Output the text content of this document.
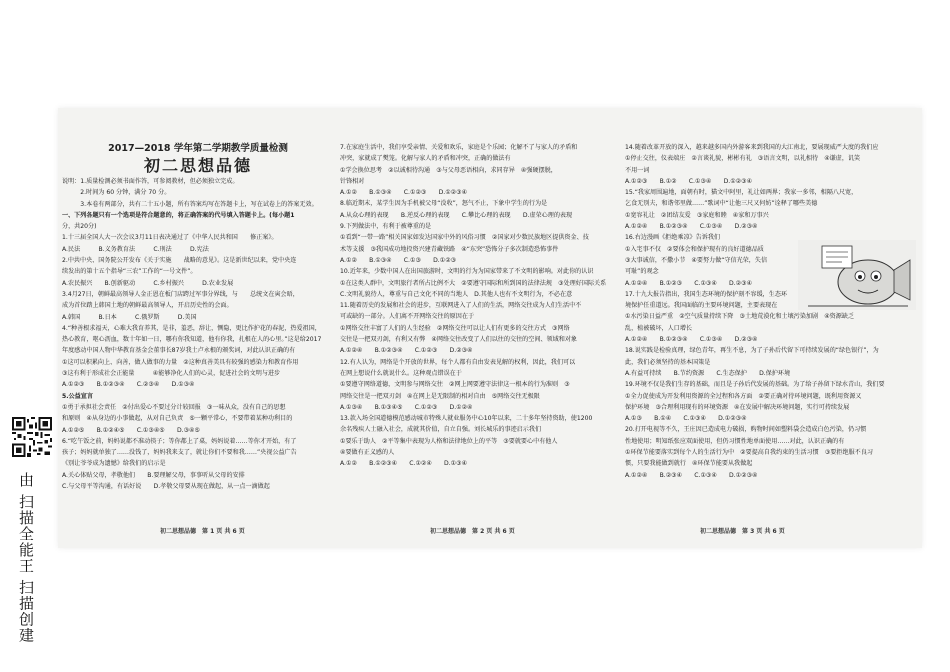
2017—2018 学年第二学期教学质量检测

初二思想品德

说明：1.质量检测必须书面作答，可参阅教材，但必须独立完成。

　　　2.时间为 60 分钟，满分 70 分。

　　　3.本卷有两部分，共有二十五小题，所有答案均写在答题卡上，写在试卷上的答案无效。

一、下列各题只有一个选项是符合题意的，将正确答案的代号填入答题卡上。(每小题1

分，共20分)

1.十三届全国人大一次会议3月11日表决通过了《中华人民共和国　　修正案》。

A.民法　　　B.义务教育法　　　C.刑法　　　D.宪法

2.中共中央、国务院公开发布《关于实施　　战略的意见》。这是新世纪以来，党中央连

续发出的第十五个指导“三农”工作的“一号文件”。

A.农民振兴　　B.创新驱动　　　C.乡村振兴　　　D.农业发展

3.4月27日，朝鲜最高领导人金正恩在板门店跨过军事分界线，与　　总统文在寅会晤，

成为首位踏上韩国土地的朝鲜最高领导人，开启历史性的会面。

A.韩国　　　B.日本　　　C.俄罗斯　　　D.美国

4.“种善根求福天，心难大我育养其，是非，羞恶，辞让，恻隐，更比作护花的春泥，热爱祖国，

热心教育，呕心沥血，数十年如一日，哪有你我知道，他有你我，扎根在人的心里。”这是给2017

年度感动中国人物中华教育基金会董事长87岁我土卢永根的颁奖词，对此认识正确的有

①这可以积累向上、向善，做人做事的力量　②这种真善美具有较强的感染力和教育作用

③这有利于形成社会正能量　　　④能够净化人们的心灵，促进社会的文明与进步

A.①②③　　B.①②③④　　C.②③④　　D.①③④

5.公益宣言

①勇于承担社会责任　②付出爱心不要过分计较回报　③一味从众，没有自己的思想

和原则　④从身边的小事做起，从对自己负责　⑤一颗平常心，不要带着某种功利目的

A.①②⑤　　B.①②④⑤　　C.①③④⑤　　D.③④⑤

6.“吃午饭之前，妈妈说都不准动筷子；等你都上了桌，妈妈说着……等你才开始，有了

孩子；妈妈就单独了……没钱了，妈妈我来支了，就让你们不要和我……”央视公益广告

《别让爷爷成为遗憾》给我们的启示是

A.关心体贴父母，孝敬他们　　B.要理解父母，事事听从父母的安排

C.与父母平等沟通，有话好说　　D.孝敬父母要从现在做起，从一点一滴做起

7.在家庭生活中，我们享受亲情、关爱和欢乐，家庭是个乐园；化解不了与家人的矛盾和

冲突，家就成了樊笼。化解与家人的矛盾和冲突，正确的做法有

①学会换位思考　②以诚相待沟通　③与父母恶语相向，求同存异　④强硬摆脱，

针锋相对

A.①②　　B.①③④　　C.①②③　　D.①②③④

8.临近期末，某学生因为手机被父母“没收”，怒气不止，下象中学生的行为是

A.从众心理的表现　　B.逆反心理的表现　　C.攀比心理的表现　　D.虚荣心理的表现

9.下列做法中，有利于被尊重的是

①看到“一带一路”相关国家如发达国家中外的风俗习惯　②国家对少数民族地区提供资金、技

术等支援　③我国成功地投资兴建青藏铁路　④“东突”恐怖分子多次制造恐怖事件

A.①②　　B.①③④　　C.①③　　D.①②③

10.近年来，少数中国人在出国旅游时，文明的行为为国家带来了不文明的影响。对此你的认识

①在这类人群中，文明旅行者所占比例不大　②要遵守国际和所到国的法律法规　③处理好国际关系

C.文明礼貌待人，尊重与自己文化不同的当地人　D.其他人也有不文明行为，不必在意

11.随着历史的发展和社会的进步，互联网进入了人们的生活，网络交往成为人们生活中不

可或缺的一部分。人们离不开网络交往的原因在于

①网络交往丰富了人们的人生经验　②网络交往可以让人们有更多的交往方式　③网络

交往是一把双刃剑，有利又有弊　④网络交往改变了人们以往的交往的空间、领域和对象

A.①②④　　B.①②③④　　C.①②③　　D.②③④

12.有人认为，网络是个开放的世界，每个人都有自由发表见解的权利，因此，我们可以

在网上想说什么就说什么。这种观点错误在于

①要遵守网络道德，文明参与网络交往　②网上网要遵守法律这一根本的行为准则　③

网络交往是一把双刃剑　④在网上是无限制的相对自由　⑤网络交往无极限

A.①③④　　B.①③④⑤　　C.①②③　　D.①②④

13.款入场全国道德模范感动城市特殊人就业服务中心10年以来，二十多年坚持资助，使1200

余名残疾人士融入社会，成就其价值，自立自强。刘长城乐的事迹启示我们

①要乐于助人　②平等集中表现为人格和法律地位上的平等　③要就要心中有他人

④要做有正义感的人

A.①②　　B.①②③④　　C.①②④　　D.①③④

14.随着改革开放的深入，越来越多国内外游客来到我国的大江南北，要展现威严大度的我们应

①停止交往，仪表端庄　②言谈礼貌，彬彬有礼　③语言文明，以礼相待　④谦虚，讥笑

不用一词

A.①②③　　B.①②　　C.①③④　　D.①②③④

15.“我家周围遍地，面朝有时，猫文中阿里，礼让如两界；我家一多邻，相隔八尺宽，

乞食无别夫，和谐邻里做……”歌词中“让他三尺又何妨”诠释了哪些美德

①宽容礼让　②团结友爱　③家庭和睦　④家和万事兴

A.①②④　　B.①②③④　　C.①③④　　D.②③④

16.右边漫画《拒绝乘凉》告诉我们

①入宅事不仅　②要体会和保护现有的良好道德品质

③大事诚信，不撒小节　④要努力做“守信光荣，失信

可耻”的观念

A.①②④　　B.①②③　　C.①③④　　D.②③④

17.十九大报告指出，我国生态环境的保护刻不容缓，生态环

境保护任重道远。我国面临的主要环境问题，主要表现在

①水污染日益严重　②空气质量持续下降　③土地荒漠化和土壤污染加剧　④资源缺乏

乱，植被破坏，人口增长

A.①②④　　B.①②③④　　C.①③④　　D.②③④

18.说实践是检验真理，绿色青年，再生不息，为了子孙后代留下可持续发展的“绿色银行”，为

此，我们必须坚持的基本国策是

A.有益可持续　　B.节约资源　　C.生态保护　　D.保护环境

19.环境不仅是我们生存的基础，而且是子孙后代发展的基础。为了给子孙留下绿水青山，我们要

①全力促使成为开发利用资源的全过程和各方面　②要正确对待环境问题，既利用资源又

保护环境　③合理利用现有的环境资源　④在发展中解决环境问题，实行可持续发展

A.①③　　B.①④　　C.①③④　　D.①②③④

20.打开电视等不久，王庄因已造成电力破损，购物时间如塑料袋会造成白色污染，仍习惯

性地使用；明知纸张应双面使用，但仍习惯性地单面使用……对此，认识正确的有

①环保节能要落实到每个人的生活行为中　②要提高自我约束的生活习惯　③要拒绝服不良习

惯，只要我能做到就行　④环保节能要从我做起

A.①②④　　B.②③④　　C.①③④　　D.①②③④

初二思想品德　第 1 页 共 6 页	初二思想品德　第 2 页 共 6 页	初二思想品德　第 3 页 共 6 页
由 扫描全能王 扫描创建
